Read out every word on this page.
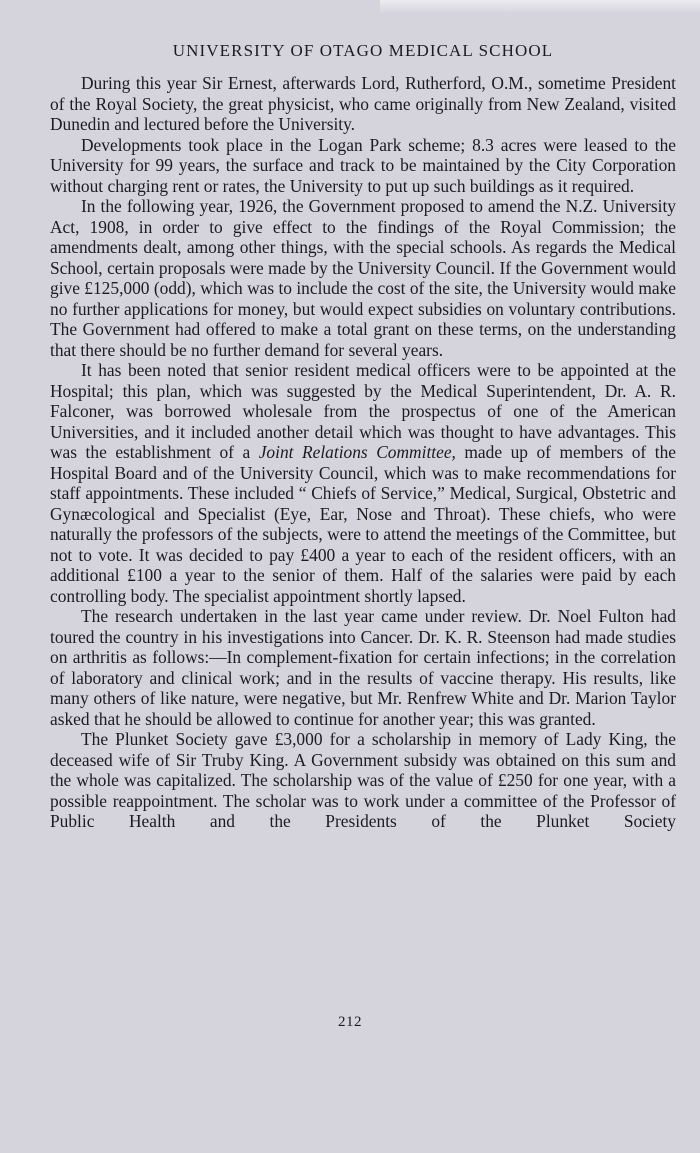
UNIVERSITY OF OTAGO MEDICAL SCHOOL

During this year Sir Ernest, afterwards Lord, Rutherford, O.M., sometime President of the Royal Society, the great physicist, who came originally from New Zealand, visited Dunedin and lectured before the University.

Developments took place in the Logan Park scheme; 8.3 acres were leased to the University for 99 years, the surface and track to be maintained by the City Corporation without charging rent or rates, the University to put up such buildings as it required.

In the following year, 1926, the Government proposed to amend the N.Z. University Act, 1908, in order to give effect to the findings of the Royal Commission; the amendments dealt, among other things, with the special schools. As regards the Medical School, certain proposals were made by the University Council. If the Government would give £125,000 (odd), which was to include the cost of the site, the University would make no further applications for money, but would expect subsidies on voluntary contributions. The Government had offered to make a total grant on these terms, on the understanding that there should be no further demand for several years.

It has been noted that senior resident medical officers were to be appointed at the Hospital; this plan, which was suggested by the Medical Superintendent, Dr. A. R. Falconer, was borrowed wholesale from the prospectus of one of the American Universities, and it included another detail which was thought to have advantages. This was the establishment of a Joint Relations Committee, made up of members of the Hospital Board and of the University Council, which was to make recommendations for staff appointments. These included “ Chiefs of Service,” Medical, Surgical, Obstetric and Gynæcological and Specialist (Eye, Ear, Nose and Throat). These chiefs, who were naturally the professors of the subjects, were to attend the meetings of the Committee, but not to vote. It was decided to pay £400 a year to each of the resident officers, with an additional £100 a year to the senior of them. Half of the salaries were paid by each controlling body. The specialist appointment shortly lapsed.

The research undertaken in the last year came under review. Dr. Noel Fulton had toured the country in his investigations into Cancer. Dr. K. R. Steenson had made studies on arthritis as follows:—In complement-fixation for certain infections; in the correlation of laboratory and clinical work; and in the results of vaccine therapy. His results, like many others of like nature, were negative, but Mr. Renfrew White and Dr. Marion Taylor asked that he should be allowed to continue for another year; this was granted.

The Plunket Society gave £3,000 for a scholarship in memory of Lady King, the deceased wife of Sir Truby King. A Government subsidy was obtained on this sum and the whole was capitalized. The scholarship was of the value of £250 for one year, with a possible reappointment. The scholar was to work under a committee of the Professor of Public Health and the Presidents of the Plunket Society

212
